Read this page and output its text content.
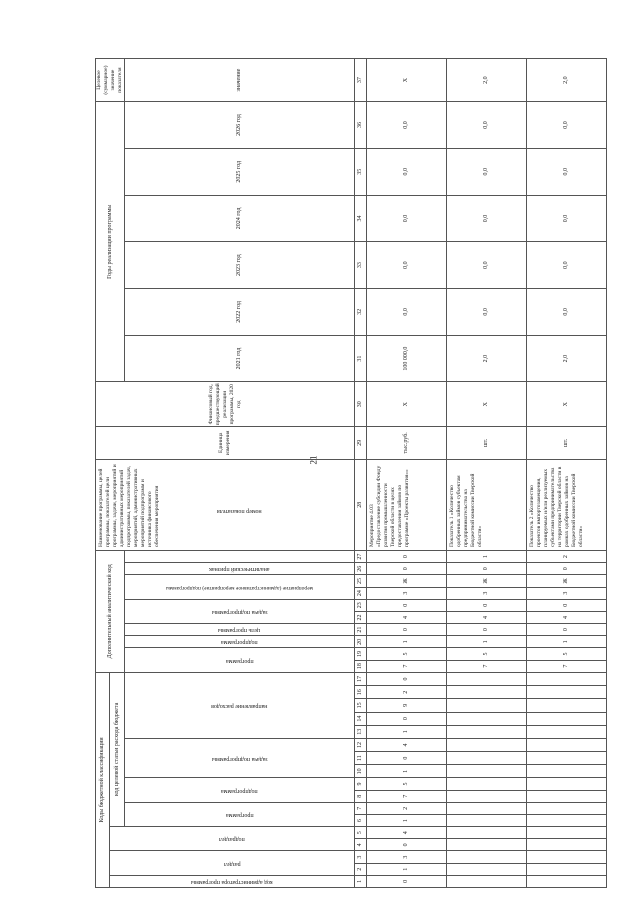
21
Коды бюджетной классификации																	Дополнительный аналитический код										Наименование программы, целей программы, показателей цели программы, задачи, мероприятий и административных мероприятий подпрограммы, показателей задач, мероприятий, административных мероприятий подпрограмм и источника финансового обеспечения мероприятия	Единица измерения	Финансовый год, предшествующий реализации программы, 2020 год	Годы реализации программы						Целевое (суммарное) значение показателя

код администратора программы	раздел		подраздел		код целевой статьи расхода бюджета																															

					программа		подпрограмма		задача подпрограммы			направление расходов					программа		подпрограмма	цель программы	задача подпрограммы		мероприятие (административное мероприятие) подпрограммы		аналитический признак	номер показателя				2021 год	2022 год	2023 год	2024 год	2025 год	2026 год	значение
1	2	3	4	5	6	7	8	9	10	11	12	13	14	15	16	17	18	19	20	21	22	23	24	25	26	27	28	29	30	31	32	33	34	35	36	37
0	1	3	0	4	1	2	7	5	1	0	4	1	0	9	2	0	7	5	1	0	4	0	3	Ж	0	0	Мероприятие 4.03 «Предоставление субсидии Фонду развития промышленности Тверской области в целях предоставления займов по программе «Проекты развития»»	тыс.руб.	Х	100 000,0	0,0	0,0	0,0	0,0	0,0	Х
																	7	5	1	0	4	0	3	Ж	0	1	Показатель 1 «Количество одобренных займов субъектам предпринимательства на Бюджетной комиссии Тверской области»	шт.	Х	2,0	0,0	0,0	0,0	0,0	0,0	2,0
																	7	5	1	0	4	0	3	Ж	0	2	Показатель 2 «Количество проектов импортозамещения, планируемых и/или реализуемых субъектами предпринимательства на территории Тверской области в рамках одобренных займов на Бюджетной комиссии Тверской области»	шт.	Х	2,0	0,0	0,0	0,0	0,0	0,0	2,0
